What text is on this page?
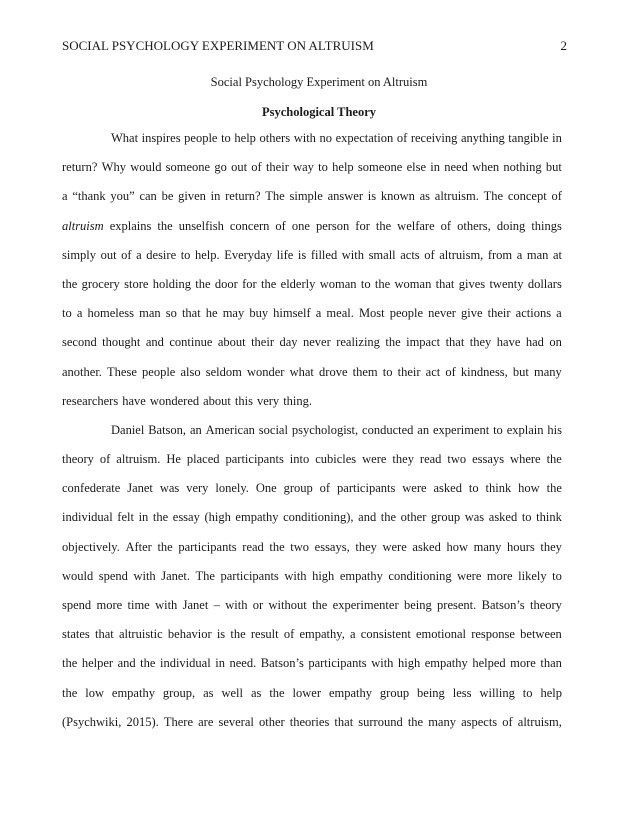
SOCIAL PSYCHOLOGY EXPERIMENT ON ALTRUISM	2
Social Psychology Experiment on Altruism
Psychological Theory
What inspires people to help others with no expectation of receiving anything tangible in
return? Why would someone go out of their way to help someone else in need when nothing but
a “thank you” can be given in return? The simple answer is known as altruism. The concept of
altruism explains the unselfish concern of one person for the welfare of others, doing things
simply out of a desire to help. Everyday life is filled with small acts of altruism, from a man at
the grocery store holding the door for the elderly woman to the woman that gives twenty dollars
to a homeless man so that he may buy himself a meal. Most people never give their actions a
second thought and continue about their day never realizing the impact that they have had on
another. These people also seldom wonder what drove them to their act of kindness, but many
researchers have wondered about this very thing.
Daniel Batson, an American social psychologist, conducted an experiment to explain his
theory of altruism. He placed participants into cubicles were they read two essays where the
confederate Janet was very lonely. One group of participants were asked to think how the
individual felt in the essay (high empathy conditioning), and the other group was asked to think
objectively. After the participants read the two essays, they were asked how many hours they
would spend with Janet. The participants with high empathy conditioning were more likely to
spend more time with Janet – with or without the experimenter being present. Batson’s theory
states that altruistic behavior is the result of empathy, a consistent emotional response between
the helper and the individual in need. Batson’s participants with high empathy helped more than
the low empathy group, as well as the lower empathy group being less willing to help
(Psychwiki, 2015). There are several other theories that surround the many aspects of altruism,
